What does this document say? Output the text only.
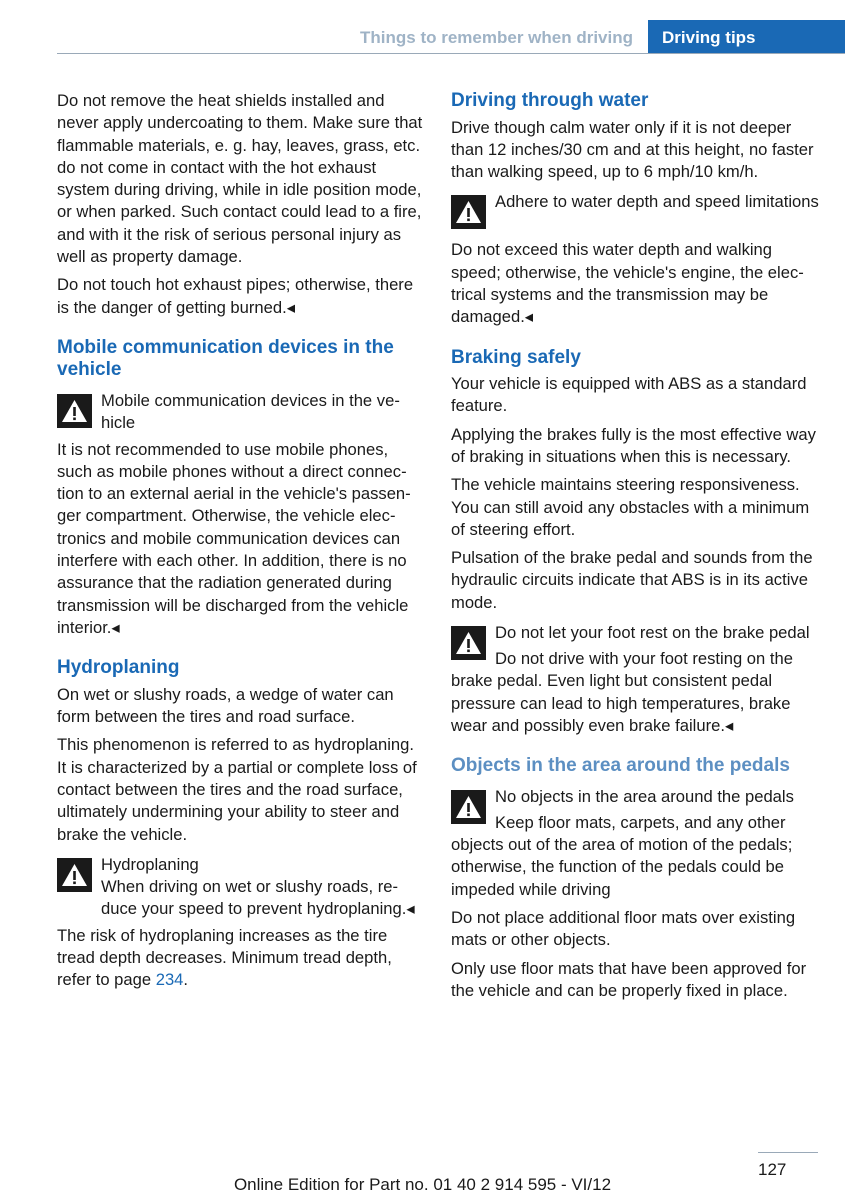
Things to remember when driving	Driving tips

Do not remove the heat shields installed and never apply undercoating to them. Make sure that flammable materials, e. g. hay, leaves, grass, etc. do not come in contact with the hot exhaust system during driving, while in idle position mode, or when parked. Such contact could lead to a fire, and with it the risk of serious personal injury as well as property damage.

Do not touch hot exhaust pipes; otherwise, there is the danger of getting burned.◂

Mobile communication devices in the vehicle
Mobile communication devices in the vehicle

It is not recommended to use mobile phones, such as mobile phones without a direct connection to an external aerial in the vehicle's passenger compartment. Otherwise, the vehicle electronics and mobile communication devices can interfere with each other. In addition, there is no assurance that the radiation generated during transmission will be discharged from the vehicle interior.◂

Hydroplaning

On wet or slushy roads, a wedge of water can form between the tires and road surface.

This phenomenon is referred to as hydroplaning. It is characterized by a partial or complete loss of contact between the tires and the road surface, ultimately undermining your ability to steer and brake the vehicle.

Hydroplaning
When driving on wet or slushy roads, reduce your speed to prevent hydroplaning.◂

The risk of hydroplaning increases as the tire tread depth decreases. Minimum tread depth, refer to page 234.

Driving through water

Drive though calm water only if it is not deeper than 12 inches/30 cm and at this height, no faster than walking speed, up to 6 mph/10 km/h.

Adhere to water depth and speed limitations

Do not exceed this water depth and walking speed; otherwise, the vehicle's engine, the electrical systems and the transmission may be damaged.◂

Braking safely

Your vehicle is equipped with ABS as a standard feature.

Applying the brakes fully is the most effective way of braking in situations when this is necessary.

The vehicle maintains steering responsiveness. You can still avoid any obstacles with a minimum of steering effort.

Pulsation of the brake pedal and sounds from the hydraulic circuits indicate that ABS is in its active mode.

Do not let your foot rest on the brake pedal

Do not drive with your foot resting on the brake pedal. Even light but consistent pedal pressure can lead to high temperatures, brake wear and possibly even brake failure.◂

Objects in the area around the pedals
No objects in the area around the pedals

Keep floor mats, carpets, and any other objects out of the area of motion of the pedals; otherwise, the function of the pedals could be impeded while driving

Do not place additional floor mats over existing mats or other objects.

Only use floor mats that have been approved for the vehicle and can be properly fixed in place.

127
Online Edition for Part no. 01 40 2 914 595 - VI/12
